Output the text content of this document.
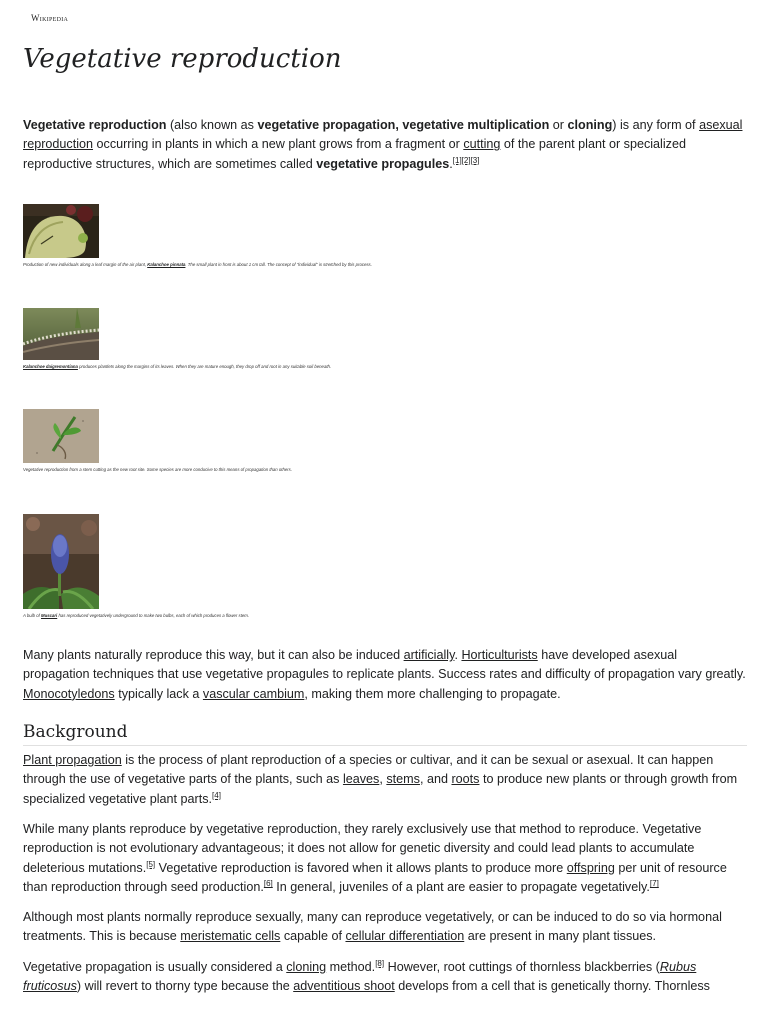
Wikipedia
Vegetative reproduction

Vegetative reproduction (also known as vegetative propagation, vegetative multiplication or cloning) is any form of asexual reproduction occurring in plants in which a new plant grows from a fragment or cutting of the parent plant or specialized reproductive structures, which are sometimes called vegetative propagules.[1][2][3]

Production of new individuals along a leaf margin of the air plant, Kalanchoe pinnata. The small plant in front is about 1 cm tall. The concept of "individual" is stretched by this process.
Kalanchoe daigremontiana produces plantlets along the margins of its leaves. When they are mature enough, they drop off and root in any suitable soil beneath.
Vegetative reproduction from a stem cutting as the new root site. Some species are more conducive to this means of propagation than others.
A bulb of Muscari has reproduced vegetatively underground to make two bulbs, each of which produces a flower stem.

Many plants naturally reproduce this way, but it can also be induced artificially. Horticulturists have developed asexual propagation techniques that use vegetative propagules to replicate plants. Success rates and difficulty of propagation vary greatly. Monocotyledons typically lack a vascular cambium, making them more challenging to propagate.

Background

Plant propagation is the process of plant reproduction of a species or cultivar, and it can be sexual or asexual. It can happen through the use of vegetative parts of the plants, such as leaves, stems, and roots to produce new plants or through growth from specialized vegetative plant parts.[4]

While many plants reproduce by vegetative reproduction, they rarely exclusively use that method to reproduce. Vegetative reproduction is not evolutionary advantageous; it does not allow for genetic diversity and could lead plants to accumulate deleterious mutations.[5] Vegetative reproduction is favored when it allows plants to produce more offspring per unit of resource than reproduction through seed production.[6] In general, juveniles of a plant are easier to propagate vegetatively.[7]

Although most plants normally reproduce sexually, many can reproduce vegetatively, or can be induced to do so via hormonal treatments. This is because meristematic cells capable of cellular differentiation are present in many plant tissues.

Vegetative propagation is usually considered a cloning method.[8] However, root cuttings of thornless blackberries (Rubus fruticosus) will revert to thorny type because the adventitious shoot develops from a cell that is genetically thorny. Thornless
